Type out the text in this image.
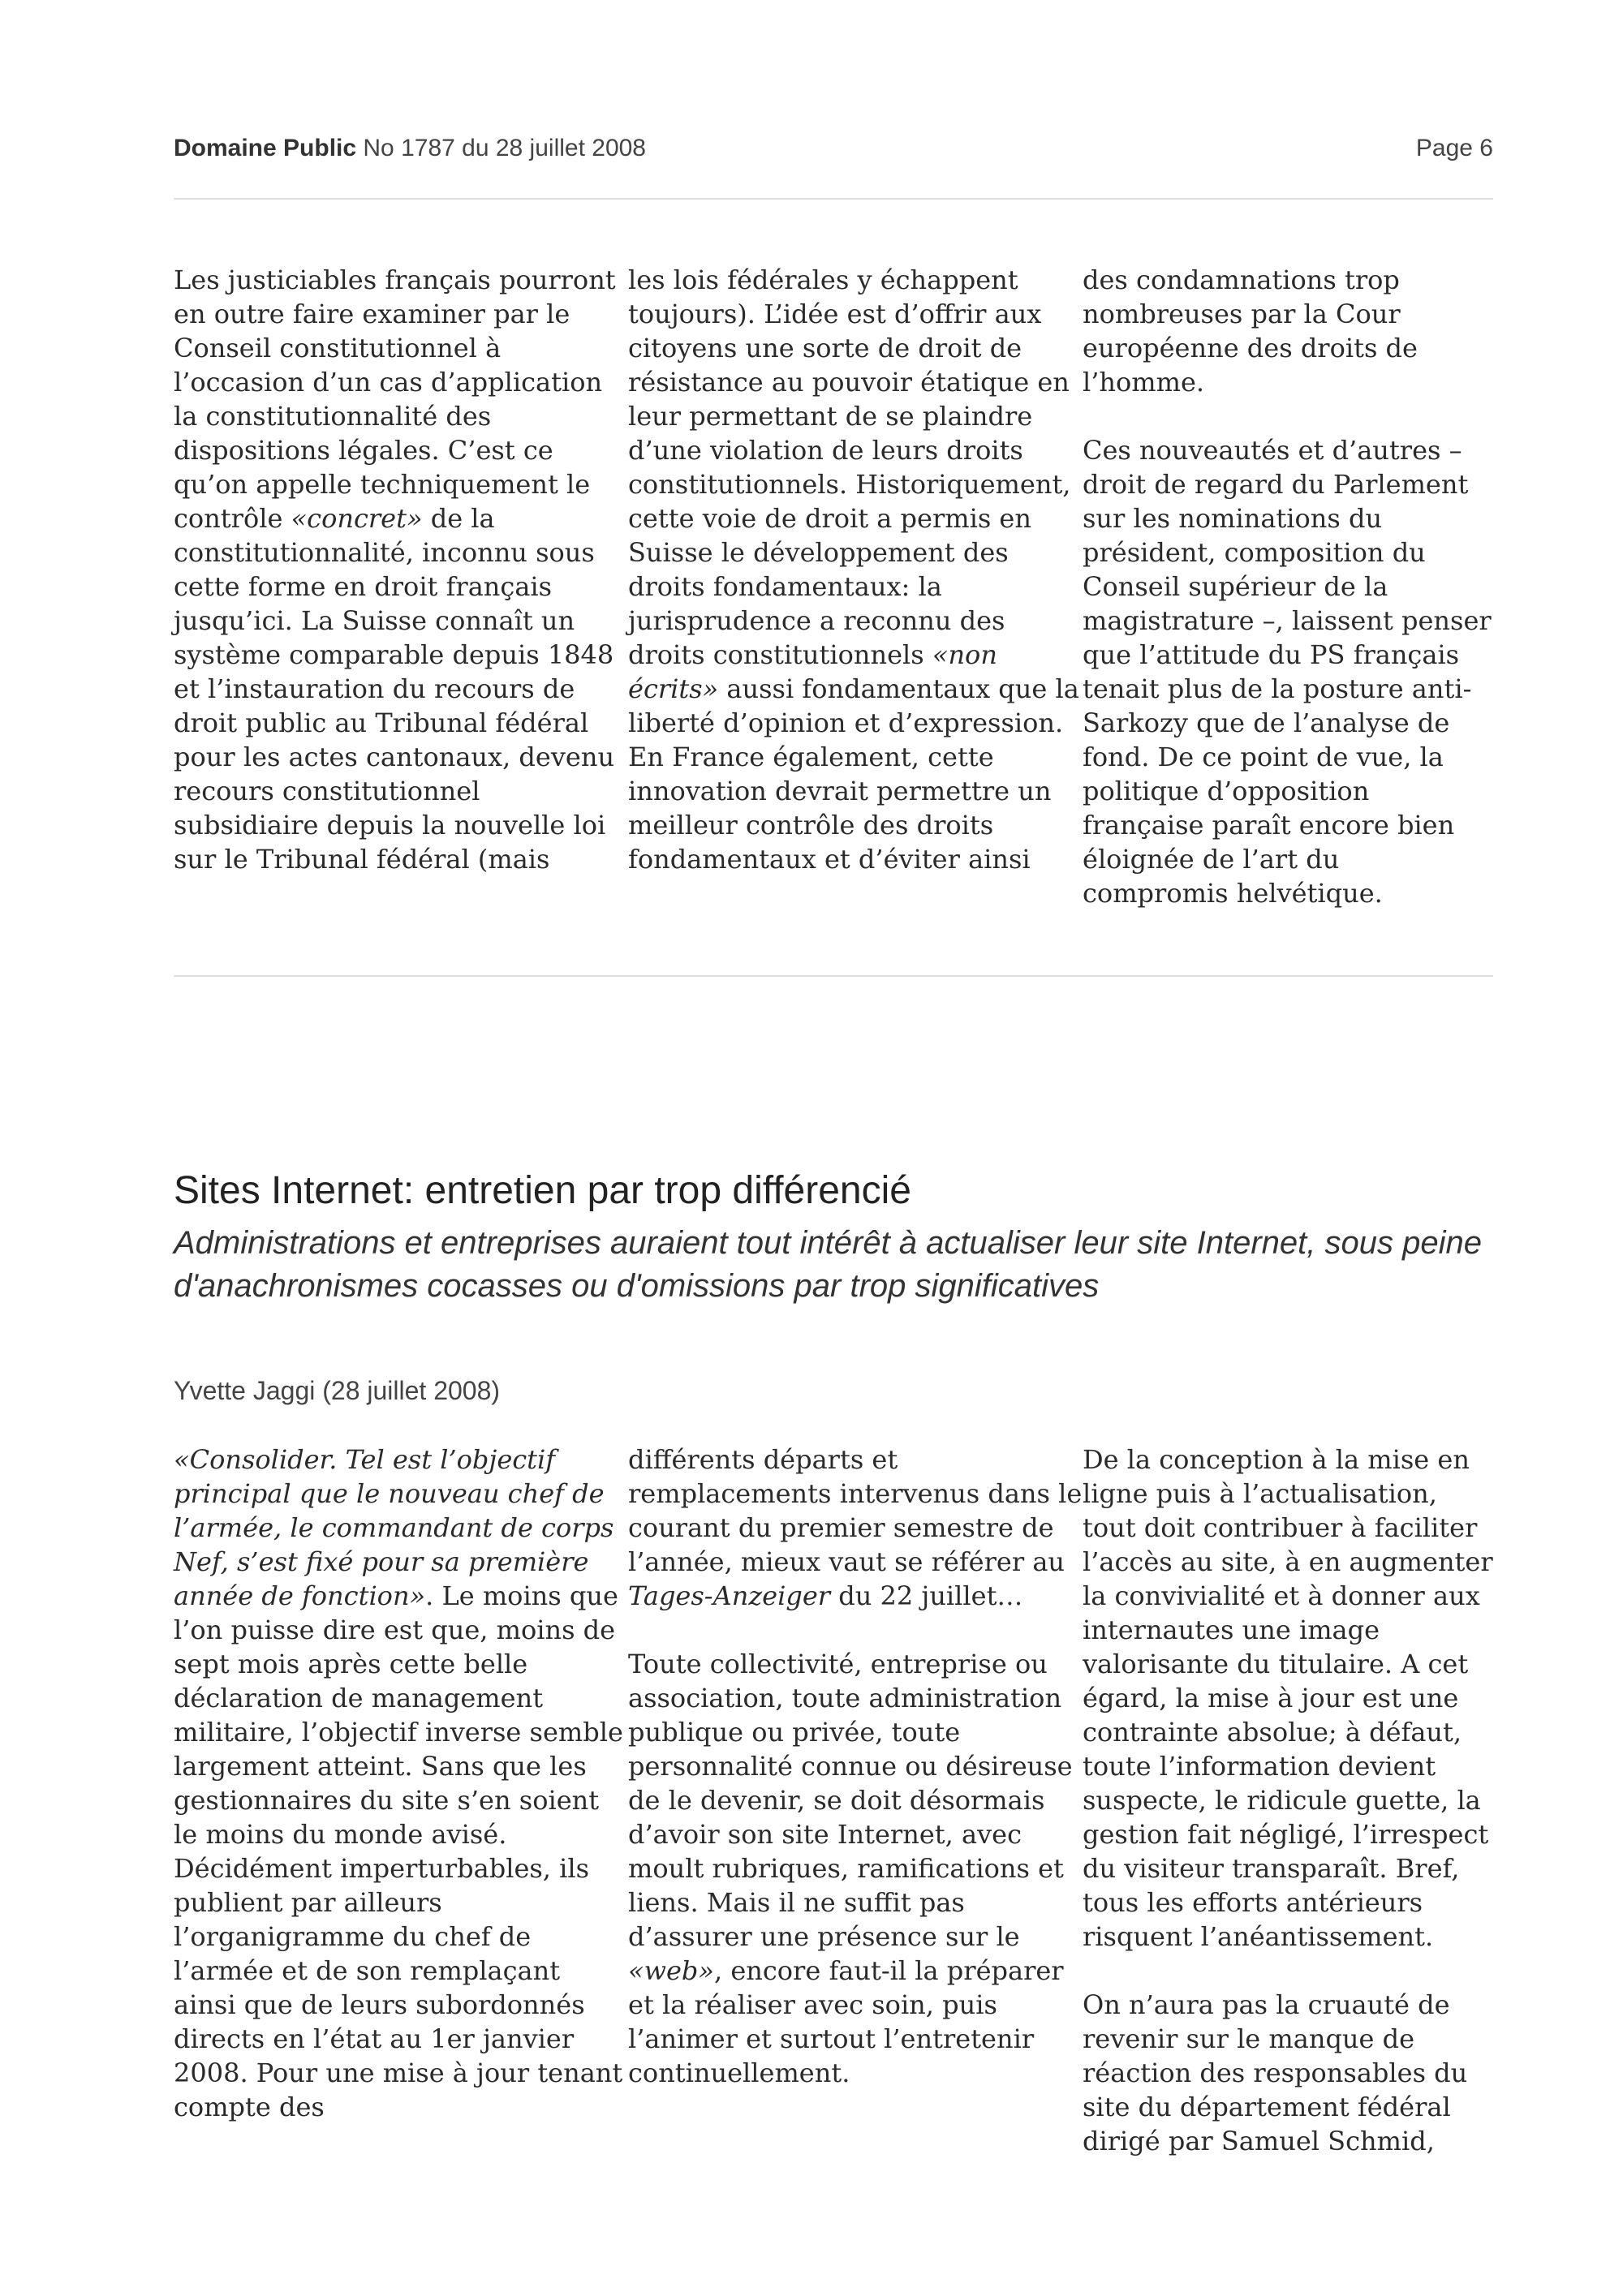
Domaine Public No 1787 du 28 juillet 2008	Page 6

Les justiciables français pourront en outre faire examiner par le Conseil constitutionnel à l’occasion d’un cas d’application la constitutionnalité des dispositions légales. C’est ce qu’on appelle techniquement le contrôle «concret» de la constitutionnalité, inconnu sous cette forme en droit français jusqu’ici. La Suisse connaît un système comparable depuis 1848 et l’instauration du recours de droit public au Tribunal fédéral pour les actes cantonaux, devenu recours constitutionnel subsidiaire depuis la nouvelle loi sur le Tribunal fédéral (mais

les lois fédérales y échappent toujours). L’idée est d’offrir aux citoyens une sorte de droit de résistance au pouvoir étatique en leur permettant de se plaindre d’une violation de leurs droits constitutionnels. Historiquement, cette voie de droit a permis en Suisse le développement des droits fondamentaux: la jurisprudence a reconnu des droits constitutionnels «non écrits» aussi fondamentaux que la liberté d’opinion et d’expression. En France également, cette innovation devrait permettre un meilleur contrôle des droits fondamentaux et d’éviter ainsi

des condamnations trop nombreuses par la Cour européenne des droits de l’homme.

Ces nouveautés et d’autres – droit de regard du Parlement sur les nominations du président, composition du Conseil supérieur de la magistrature –, laissent penser que l’attitude du PS français tenait plus de la posture anti-Sarkozy que de l’analyse de fond. De ce point de vue, la politique d’opposition française paraît encore bien éloignée de l’art du compromis helvétique.

Sites Internet: entretien par trop différencié
Administrations et entreprises auraient tout intérêt à actualiser leur site Internet, sous peine d'anachronismes cocasses ou d'omissions par trop significatives
Yvette Jaggi (28 juillet 2008)

«Consolider. Tel est l’objectif principal que le nouveau chef de l’armée, le commandant de corps Nef, s’est fixé pour sa première année de fonction». Le moins que l’on puisse dire est que, moins de sept mois après cette belle déclaration de management militaire, l’objectif inverse semble largement atteint. Sans que les gestionnaires du site s’en soient le moins du monde avisé. Décidément imperturbables, ils publient par ailleurs l’organigramme du chef de l’armée et de son remplaçant ainsi que de leurs subordonnés directs en l’état au 1er janvier 2008. Pour une mise à jour tenant compte des

différents départs et remplacements intervenus dans le courant du premier semestre de l’année, mieux vaut se référer au Tages-Anzeiger du 22 juillet…

Toute collectivité, entreprise ou association, toute administration publique ou privée, toute personnalité connue ou désireuse de le devenir, se doit désormais d’avoir son site Internet, avec moult rubriques, ramifications et liens. Mais il ne suffit pas d’assurer une présence sur le «web», encore faut-il la préparer et la réaliser avec soin, puis l’animer et surtout l’entretenir continuellement.

De la conception à la mise en ligne puis à l’actualisation, tout doit contribuer à faciliter l’accès au site, à en augmenter la convivialité et à donner aux internautes une image valorisante du titulaire. A cet égard, la mise à jour est une contrainte absolue; à défaut, toute l’information devient suspecte, le ridicule guette, la gestion fait négligé, l’irrespect du visiteur transparaît. Bref, tous les efforts antérieurs risquent l’anéantissement.

On n’aura pas la cruauté de revenir sur le manque de réaction des responsables du site du département fédéral dirigé par Samuel Schmid,
